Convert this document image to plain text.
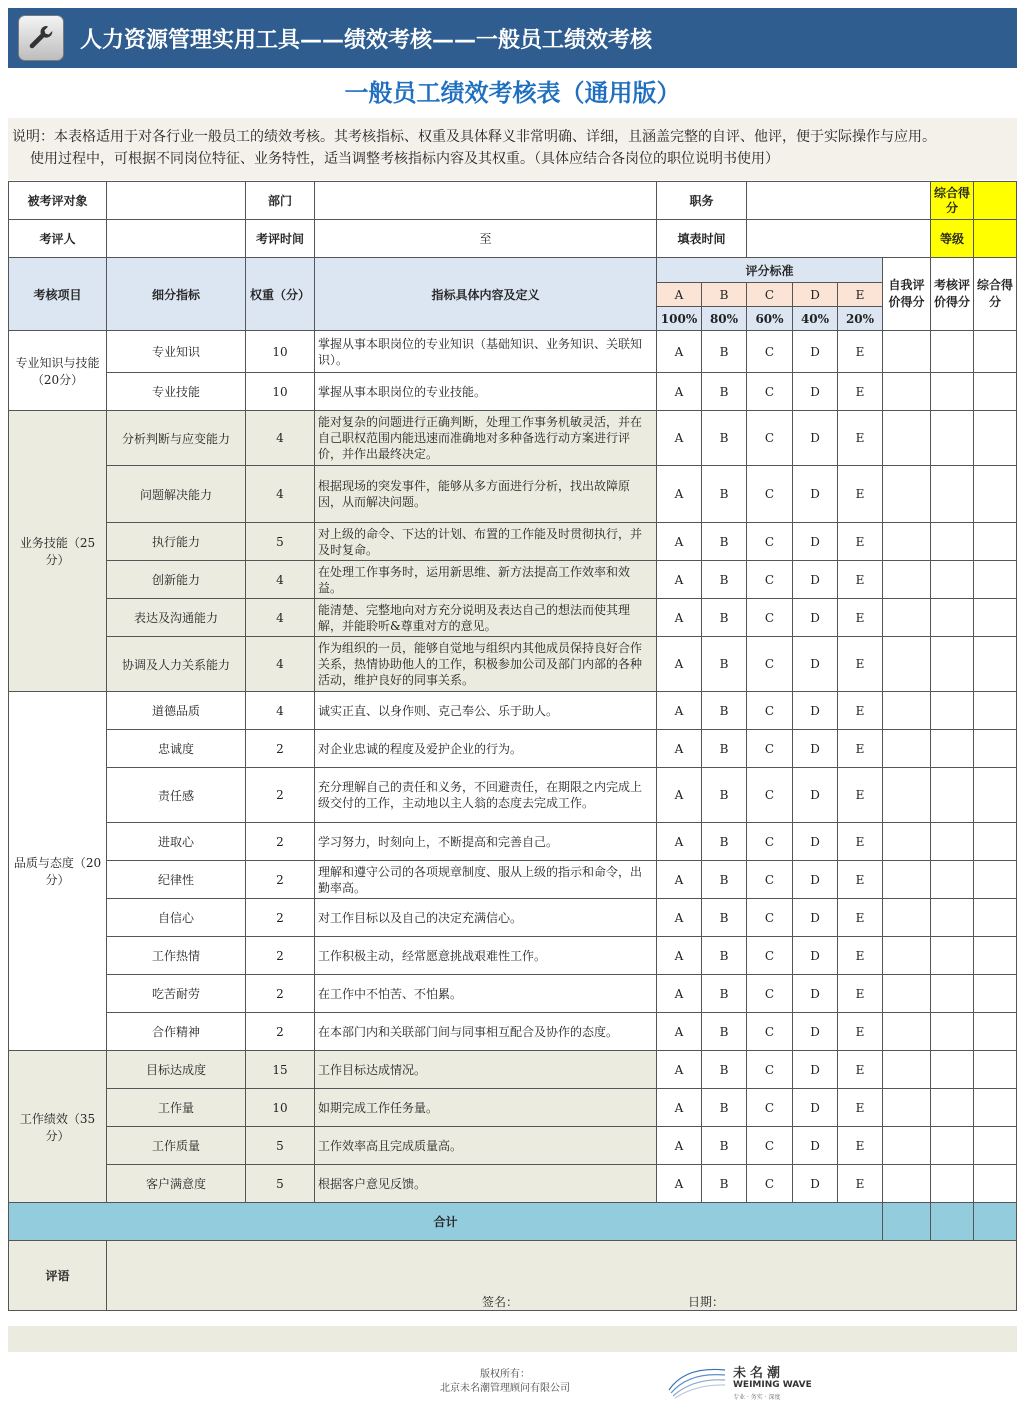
人力资源管理实用工具——绩效考核——一般员工绩效考核
一般员工绩效考核表（通用版）

说明：本表格适用于对各行业一般员工的绩效考核。其考核指标、权重及具体释义非常明确、详细，且涵盖完整的自评、他评，便于实际操作与应用。

使用过程中，可根据不同岗位特征、业务特性，适当调整考核指标内容及其权重。（具体应结合各岗位的职位说明书使用）

被考评对象		部门		职务						综合得分	
考评人		考评时间	至	填表时间						等级	
考核项目	细分指标	权重（分）	指标具体内容及定义	评分标准					自我评价得分	考核评价得分	综合得分
				A	B	C	D	E			
				100%	80%	60%	40%	20%			
专业知识与技能（20分）	专业知识	10	掌握从事本职岗位的专业知识（基础知识、业务知识、关联知识）。	A	B	C	D	E			
	专业技能	10	掌握从事本职岗位的专业技能。	A	B	C	D	E			
业务技能（25分）	分析判断与应变能力	4	能对复杂的问题进行正确判断，处理工作事务机敏灵活，并在自己职权范围内能迅速而准确地对多种备选行动方案进行评价，并作出最终决定。	A	B	C	D	E			
	问题解决能力	4	根据现场的突发事件，能够从多方面进行分析，找出故障原因，从而解决问题。	A	B	C	D	E			
	执行能力	5	对上级的命令、下达的计划、布置的工作能及时贯彻执行，并及时复命。	A	B	C	D	E			
	创新能力	4	在处理工作事务时，运用新思维、新方法提高工作效率和效益。	A	B	C	D	E			
	表达及沟通能力	4	能清楚、完整地向对方充分说明及表达自己的想法而使其理解，并能聆听&尊重对方的意见。	A	B	C	D	E			
	协调及人力关系能力	4	作为组织的一员，能够自觉地与组织内其他成员保持良好合作关系，热情协助他人的工作，积极参加公司及部门内部的各种活动，维护良好的同事关系。	A	B	C	D	E			
品质与态度（20分）	道德品质	4	诚实正直、以身作则、克己奉公、乐于助人。	A	B	C	D	E			
	忠诚度	2	对企业忠诚的程度及爱护企业的行为。	A	B	C	D	E			
	责任感	2	充分理解自己的责任和义务，不回避责任，在期限之内完成上级交付的工作，主动地以主人翁的态度去完成工作。	A	B	C	D	E			
	进取心	2	学习努力，时刻向上，不断提高和完善自己。	A	B	C	D	E			
	纪律性	2	理解和遵守公司的各项规章制度、服从上级的指示和命令，出勤率高。	A	B	C	D	E			
	自信心	2	对工作目标以及自己的决定充满信心。	A	B	C	D	E			
	工作热情	2	工作积极主动，经常愿意挑战艰难性工作。	A	B	C	D	E			
	吃苦耐劳	2	在工作中不怕苦、不怕累。	A	B	C	D	E			
	合作精神	2	在本部门内和关联部门间与同事相互配合及协作的态度。	A	B	C	D	E			
工作绩效（35分）	目标达成度	15	工作目标达成情况。	A	B	C	D	E			
	工作量	10	如期完成工作任务量。	A	B	C	D	E			
	工作质量	5	工作效率高且完成质量高。	A	B	C	D	E			
	客户满意度	5	根据客户意见反馈。	A	B	C	D	E			
合计											
评语	签名： 日期：										
版权所有：
北京未名潮管理顾问有限公司
未名潮
WEIMING WAVE
专业 · 务实 · 深度
